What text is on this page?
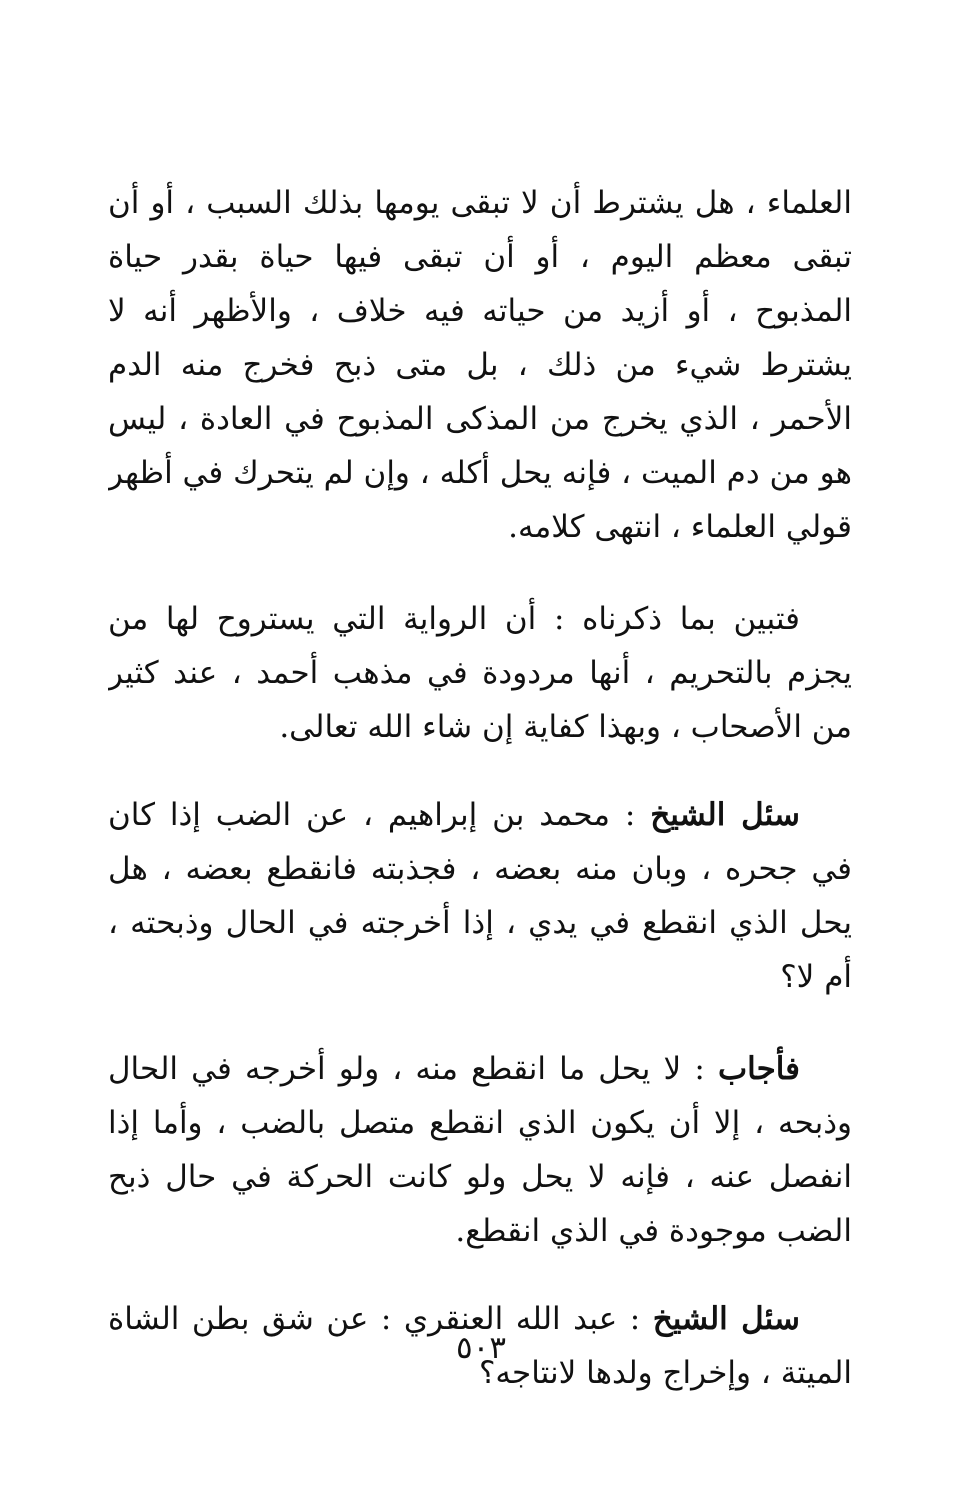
العلماء ، هل يشترط أن لا تبقى يومها بذلك السبب ، أو أن
تبقى معظم اليوم ، أو أن تبقى فيها حياة بقدر حياة
المذبوح ، أو أزيد من حياته فيه خلاف ، والأظهر أنه لا
يشترط شيء من ذلك ، بل متى ذبح فخرج منه الدم
الأحمر ، الذي يخرج من المذكى المذبوح في العادة ، ليس
هو من دم الميت ، فإنه يحل أكله ، وإن لم يتحرك في أظهر
قولي العلماء ، انتهى كلامه.

فتبين بما ذكرناه : أن الرواية التي يستروح لها من
يجزم بالتحريم ، أنها مردودة في مذهب أحمد ، عند كثير
من الأصحاب ، وبهذا كفاية إن شاء الله تعالى.

سئل الشيخ : محمد بن إبراهيم ، عن الضب إذا كان
في جحره ، وبان منه بعضه ، فجذبته فانقطع بعضه ، هل
يحل الذي انقطع في يدي ، إذا أخرجته في الحال وذبحته ،
أم لا؟

فأجاب : لا يحل ما انقطع منه ، ولو أخرجه في الحال
وذبحه ، إلا أن يكون الذي انقطع متصل بالضب ، وأما إذا
انفصل عنه ، فإنه لا يحل ولو كانت الحركة في حال ذبح
الضب موجودة في الذي انقطع.

سئل الشيخ : عبد الله العنقري : عن شق بطن الشاة
الميتة ، وإخراج ولدها لانتاجه؟

٥٠٣
